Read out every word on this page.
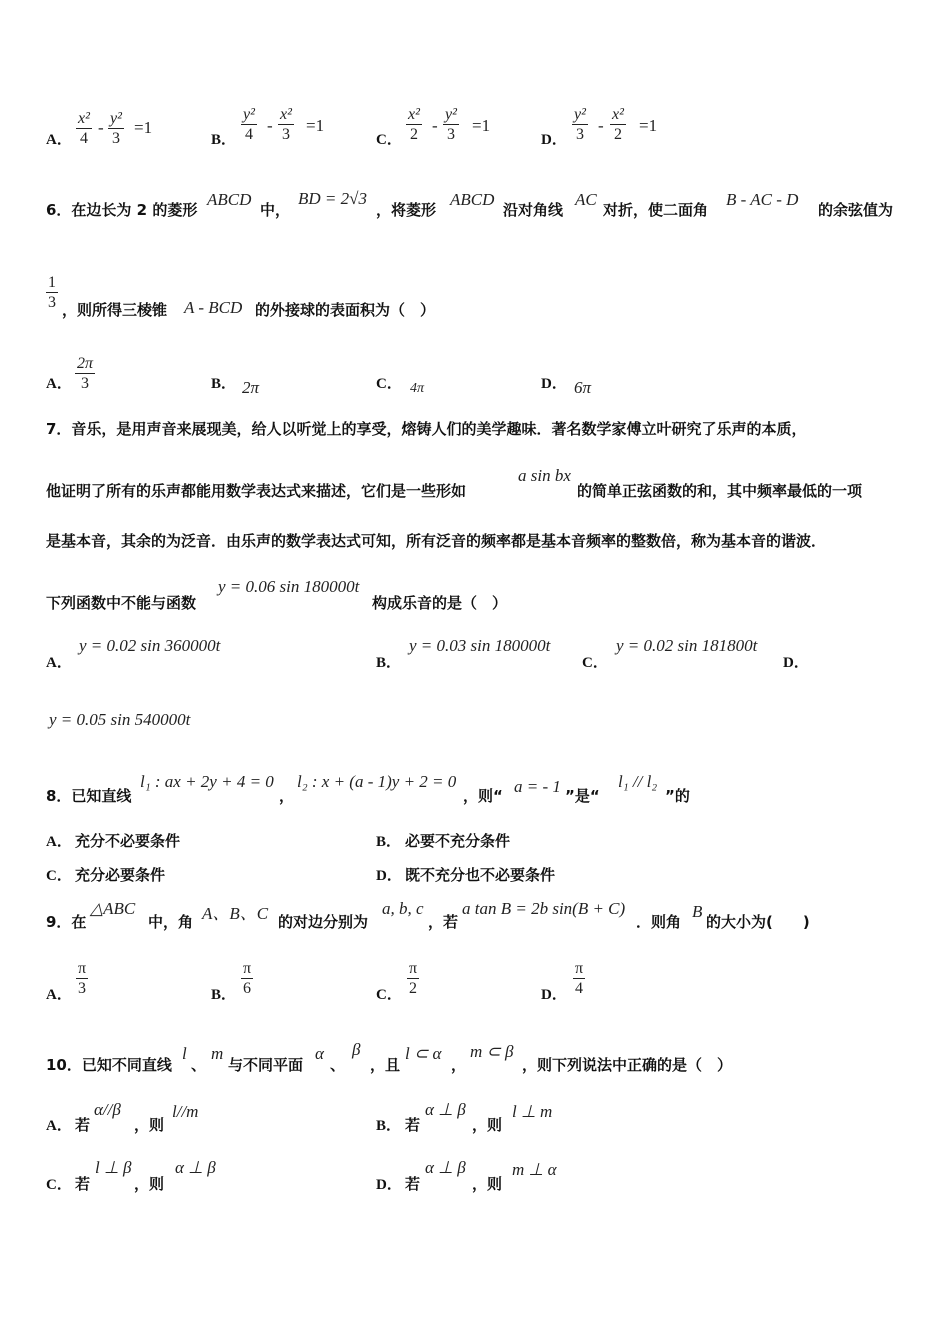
A． $\frac{\text{x²}}{4} - \frac{\text{y²}}{3} =1$
B． $\frac{\text{y²}}{4} - \frac{\text{x²}}{3} =1$
C． $\frac{\text{x²}}{2} - \frac{\text{y²}}{3} =1$
D． $\frac{\text{y²}}{3} - \frac{\text{x²}}{2} =1$
6．在边长为 2 的菱形
ABCD
中，
BD = 2√3
，将菱形
ABCD
沿对角线
AC
对折，使二面角
B - AC - D
的余弦值为
$\frac{1}{3}$ ，则所得三棱锥 A - BCD 的外接球的表面积为（　）
A． $\frac{2\pi}{3}$	B． 2π	C． 4π	D． 6π
7．音乐，是用声音来展现美，给人以听觉上的享受，熔铸人们的美学趣味．著名数学家傅立叶研究了乐声的本质，
他证明了所有的乐声都能用数学表达式来描述，它们是一些形如
a sin bx
的简单正弦函数的和，其中频率最低的一项
是基本音，其余的为泛音．由乐声的数学表达式可知，所有泛音的频率都是基本音频率的整数倍，称为基本音的谐波．
下列函数中不能与函数
y = 0.06 sin 180000t
构成乐音的是（　）
A．
y = 0.02 sin 360000t
B．
y = 0.03 sin 180000t
C．
y = 0.02 sin 181800t
D．
y = 0.05 sin 540000t
8．已知直线
l₁ : ax + 2y + 4 = 0
，
l₂ : x + (a - 1)y + 2 = 0
，则“ a = - 1 ”是“
l₁ // l₂
”的
A． 充分不必要条件	B． 必要不充分条件
C． 充分必要条件	D． 既不充分也不必要条件
9．在
△ABC
中，角 A、B、C 的对边分别为
a, b, c
，若
a tan B = 2b sin(B + C)
．则角
B
的大小为(　　)
A． $\frac{\pi}{3}$	B． $\frac{\pi}{6}$	C． $\frac{\pi}{2}$	D． $\frac{\pi}{4}$
10．已知不同直线
l
、
m
与不同平面
α
、
β
，且
l ⊂ α
，
m ⊂ β
，则下列说法中正确的是（　）
A． 若
α//β
，则
l//m
B． 若
α ⊥ β
，则
l ⊥ m
C． 若
l ⊥ β
，则
α ⊥ β
D． 若
α ⊥ β
，则
m ⊥ α
